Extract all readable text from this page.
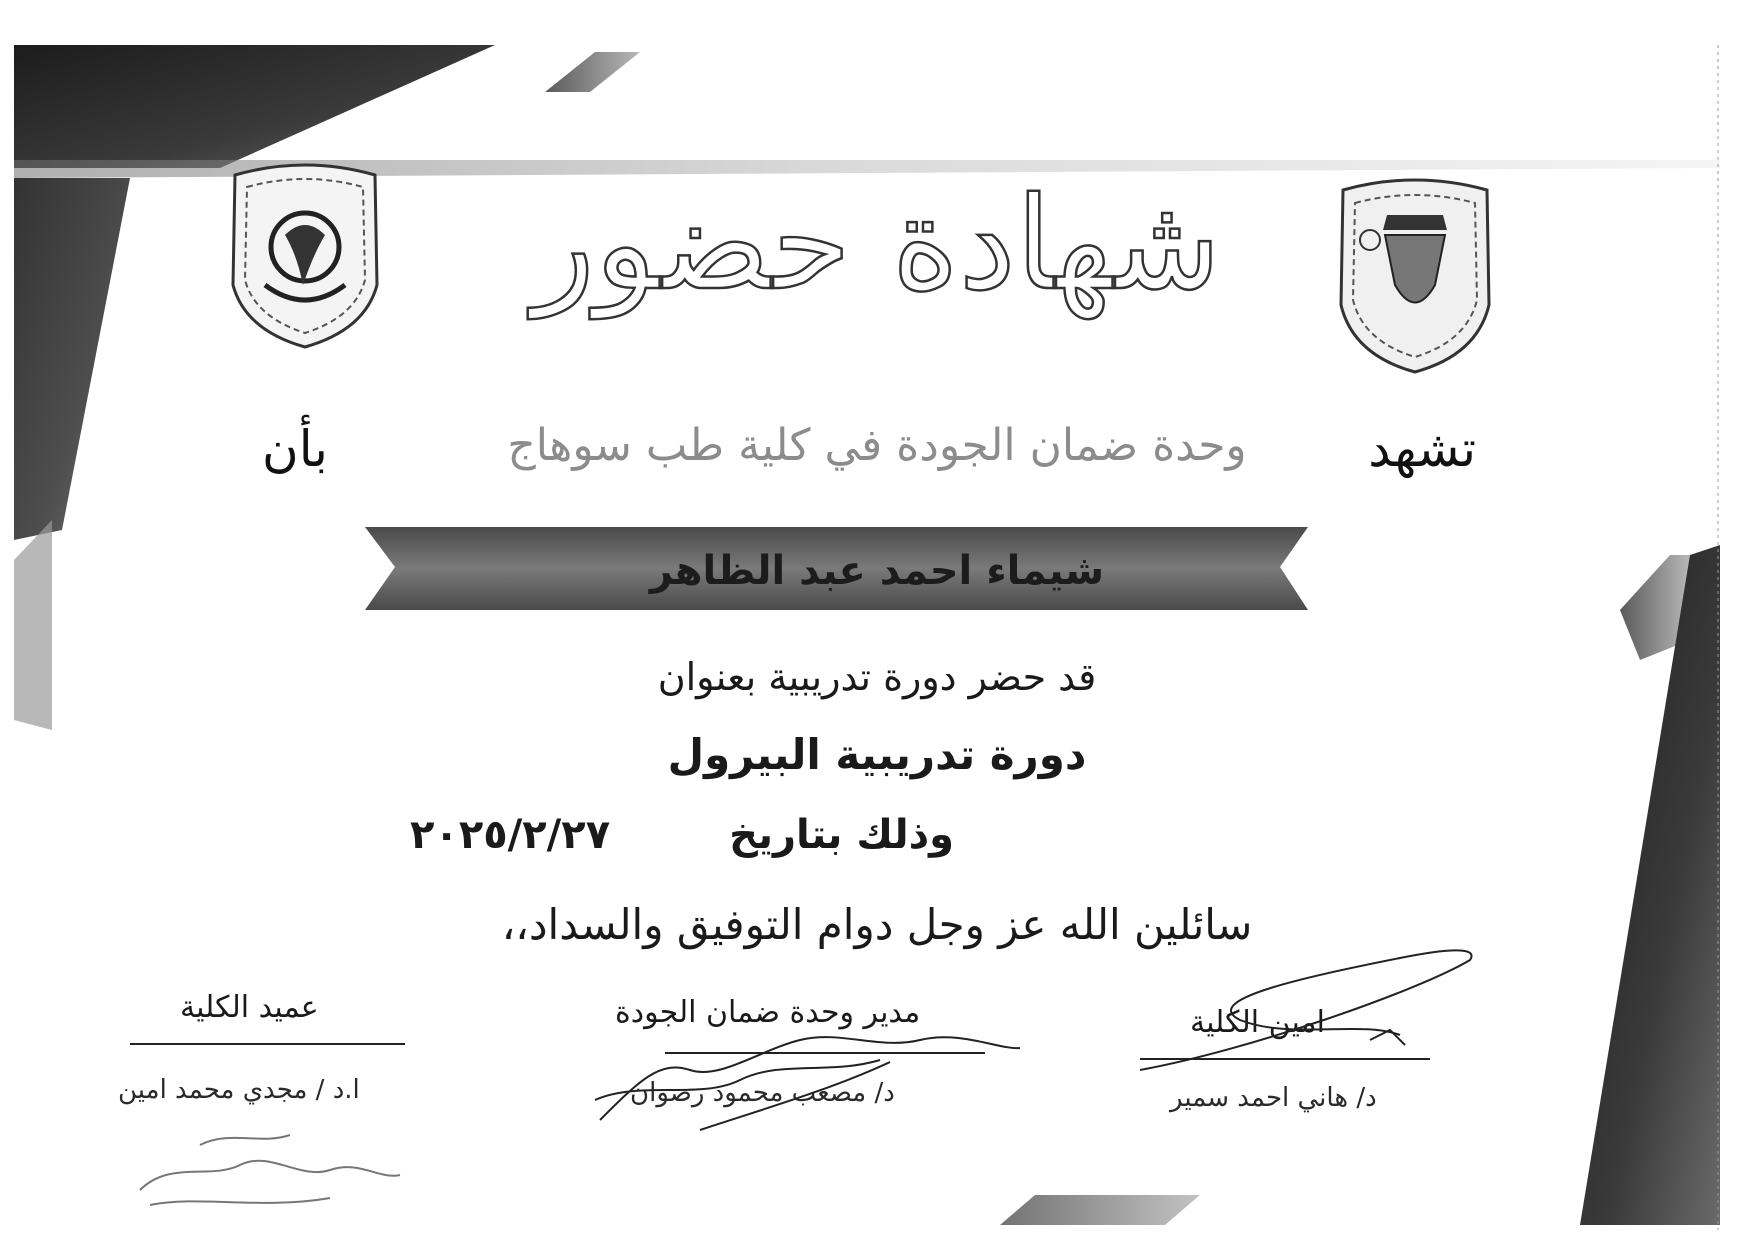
شهادة حضور
تشهد
وحدة ضمان الجودة في كلية طب سوهاج
بأن
شيماء احمد عبد الظاهر
قد حضر دورة تدريبية بعنوان
دورة تدريبية البيرول
وذلك بتاريخ
٢٠٢٥/٢/٢٧
سائلين الله عز وجل دوام التوفيق والسداد،،
امين الكلية
د/ هاني احمد سمير
مدير وحدة ضمان الجودة
د/ مصعب محمود رضوان
عميد الكلية
ا.د / مجدي محمد امين
